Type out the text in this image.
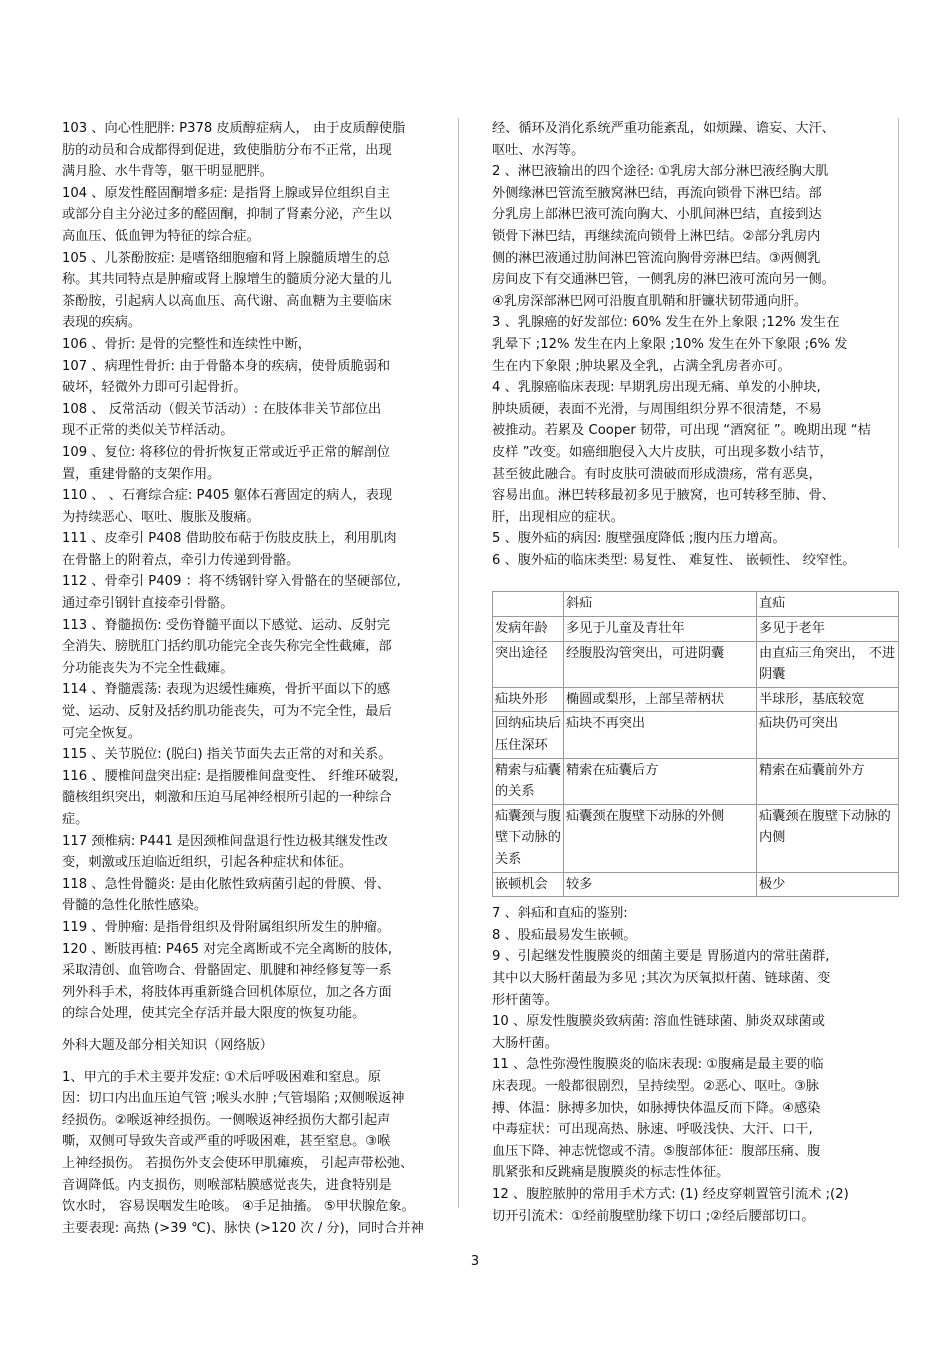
103 、向心性肥胖: P378 皮质醇症病人， 由于皮质醇使脂
肪的动员和合成都得到促进，致使脂肪分布不正常，出现
满月脸、水牛背等，躯干明显肥胖。
104 、原发性醛固酮增多症: 是指肾上腺或异位组织自主
或部分自主分泌过多的醛固酮，抑制了肾素分泌，产生以
高血压、低血钾为特征的综合症。
105 、儿茶酚胺症: 是嗜铬细胞瘤和肾上腺髓质增生的总
称。其共同特点是肿瘤或肾上腺增生的髓质分泌大量的儿
茶酚胺，引起病人以高血压、高代谢、高血糖为主要临床
表现的疾病。
106 、骨折: 是骨的完整性和连续性中断，
107 、病理性骨折: 由于骨骼本身的疾病，使骨质脆弱和
破坏，轻微外力即可引起骨折。
108 、 反常活动（假关节活动）: 在肢体非关节部位出
现不正常的类似关节样活动。
109 、复位: 将移位的骨折恢复正常或近乎正常的解剖位
置，重建骨骼的支架作用。
110 、 、石膏综合症: P405 躯体石膏固定的病人，表现
为持续恶心、呕吐、腹胀及腹痛。
111 、皮牵引 P408 借助胶布萜于伤肢皮肤上，利用肌肉
在骨骼上的附着点，牵引力传递到骨骼。
112 、骨牵引 P409 ：将不绣钢针穿入骨骼在的坚硬部位,
通过牵引钢针直接牵引骨骼。
113 、脊髓损伤: 受伤脊髓平面以下感觉、运动、反射完
全消失、膀胱肛门括约肌功能完全丧失称完全性截瘫，部
分功能丧失为不完全性截瘫。
114 、脊髓震荡: 表现为迟缓性瘫痪，骨折平面以下的感
觉、运动、反射及括约肌功能丧失，可为不完全性，最后
可完全恢复。
115 、关节脱位: (脱臼) 指关节面失去正常的对和关系。
116 、腰椎间盘突出症: 是指腰椎间盘变性、 纤维环破裂,
髓核组织突出，刺激和压迫马尾神经根所引起的一种综合
症。
117 颈椎病: P441 是因颈椎间盘退行性边极其继发性改
变，刺激或压迫临近组织，引起各种症状和体征。
118 、急性骨髓炎: 是由化脓性致病菌引起的骨膜、骨、
骨髓的急性化脓性感染。
119 、骨肿瘤: 是指骨组织及骨附属组织所发生的肿瘤。
120 、断肢再植: P465 对完全离断或不完全离断的肢体,
采取清创、血管吻合、骨骼固定、肌腱和神经修复等一系
列外科手术，将肢体再重新缝合回机体原位，加之各方面
的综合处理，使其完全存活并最大限度的恢复功能。
外科大题及部分相关知识（网络版）
1、甲亢的手术主要并发症: ①术后呼吸困难和窒息。原
因：切口内出血压迫气管 ;喉头水肿 ;气管塌陷 ;双侧喉返神
经损伤。②喉返神经损伤。一侧喉返神经损伤大都引起声
嘶，双侧可导致失音或严重的呼吸困难，甚至窒息。③喉
上神经损伤。 若损伤外支会使环甲肌瘫痪， 引起声带松弛、
音调降低。内支损伤，则喉部粘膜感觉丧失，进食特别是
饮水时， 容易误咽发生呛咳。 ④手足抽搐。 ⑤甲状腺危象。
主要表现: 高热 (>39 ℃)、脉快 (>120 次 / 分)，同时合并神
经、循环及消化系统严重功能紊乱，如烦躁、谵妄、大汗、
呕吐、水泻等。
2 、淋巴液输出的四个途径: ①乳房大部分淋巴液经胸大肌
外侧缘淋巴管流至腋窝淋巴结，再流向锁骨下淋巴结。部
分乳房上部淋巴液可流向胸大、小肌间淋巴结，直接到达
锁骨下淋巴结，再继续流向锁骨上淋巴结。②部分乳房内
侧的淋巴液通过肋间淋巴管流向胸骨旁淋巴结。③两侧乳
房间皮下有交通淋巴管，一侧乳房的淋巴液可流向另一侧。
④乳房深部淋巴网可沿腹直肌鞘和肝镰状韧带通向肝。
3 、乳腺癌的好发部位: 60% 发生在外上象限 ;12% 发生在
乳晕下 ;12% 发生在内上象限 ;10% 发生在外下象限 ;6% 发
生在内下象限 ;肿块累及全乳，占满全乳房者亦可。
4 、乳腺癌临床表现: 早期乳房出现无痛、单发的小肿块,
肿块质硬，表面不光滑，与周围组织分界不很清楚，不易
被推动。若累及 Cooper 韧带，可出现 “酒窝征 ”。晚期出现 “桔
皮样 ”改变。如癌细胞侵入大片皮肤，可出现多数小结节，
甚至彼此融合。有时皮肤可溃破而形成溃疡，常有恶臭，
容易出血。淋巴转移最初多见于腋窝，也可转移至肺、骨、
肝，出现相应的症状。
5 、腹外疝的病因: 腹壁强度降低 ;腹内压力增高。
6 、腹外疝的临床类型: 易复性、 难复性、 嵌顿性、 绞窄性。
	斜疝	直疝
发病年龄	多见于儿童及青壮年	多见于老年
突出途径	经腹股沟管突出，可进阴囊	由直疝三角突出， 不进阴囊
疝块外形	椭圆或梨形，上部呈蒂柄状	半球形，基底较宽
回纳疝块后压住深环	疝块不再突出	疝块仍可突出
精索与疝囊的关系	精索在疝囊后方	精索在疝囊前外方
疝囊颈与腹壁下动脉的关系	疝囊颈在腹壁下动脉的外侧	疝囊颈在腹壁下动脉的内侧
嵌顿机会	较多	极少
7 、斜疝和直疝的鉴别:
8 、股疝最易发生嵌顿。
9 、引起继发性腹膜炎的细菌主要是 胃肠道内的常驻菌群,
其中以大肠杆菌最为多见 ;其次为厌氧拟杆菌、链球菌、变
形杆菌等。
10 、原发性腹膜炎致病菌: 溶血性链球菌、肺炎双球菌或
大肠杆菌。
11 、急性弥漫性腹膜炎的临床表现: ①腹痛是最主要的临
床表现。一般都很剧烈，呈持续型。②恶心、呕吐。③脉
搏、体温：脉搏多加快，如脉搏快体温反而下降。④感染
中毒症状：可出现高热、脉速、呼吸浅快、大汗、口干,
血压下降、神志恍惚或不清。⑤腹部体征：腹部压痛、腹
肌紧张和反跳痛是腹膜炎的标志性体征。
12 、腹腔脓肿的常用手术方式: (1) 经皮穿刺置管引流术 ;(2)
切开引流术：①经前腹壁肋缘下切口 ;②经后腰部切口。
3
